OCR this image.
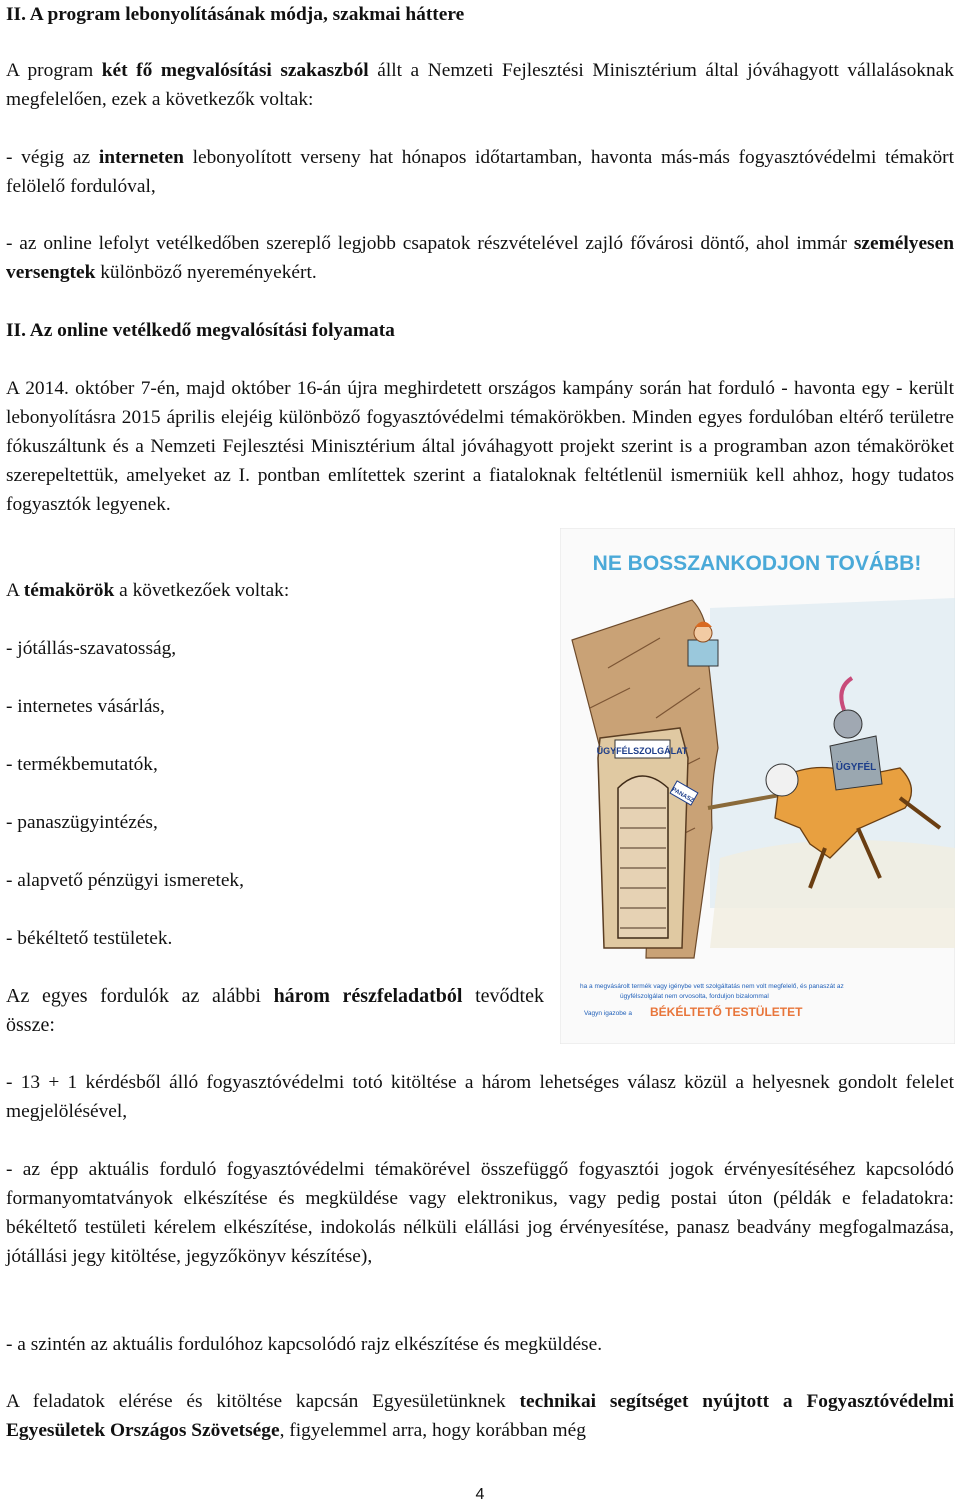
II. A program lebonyolításának módja, szakmai háttere
A program két fő megvalósítási szakaszból állt a Nemzeti Fejlesztési Minisztérium által jóváhagyott vállalásoknak megfelelően, ezek a következők voltak:
- végig az interneten lebonyolított verseny hat hónapos időtartamban, havonta más-más fogyasztóvédelmi témakört felölelő fordulóval,
- az online lefolyt vetélkedőben szereplő legjobb csapatok részvételével zajló fővárosi döntő, ahol immár személyesen versengtek különböző nyereményekért.
II. Az online vetélkedő megvalósítási folyamata
A 2014. október 7-én, majd október 16-án újra meghirdetett országos kampány során hat forduló - havonta egy - került lebonyolításra 2015 április elejéig különböző fogyasztóvédelmi témakörökben. Minden egyes fordulóban eltérő területre fókuszáltunk és a Nemzeti Fejlesztési Minisztérium által jóváhagyott projekt szerint is a programban azon témaköröket szerepeltettük, amelyeket az I. pontban említettek szerint a fiataloknak feltétlenül ismerniük kell ahhoz, hogy tudatos fogyasztók legyenek.
A témakörök a következőek voltak:
- jótállás-szavatosság,
- internetes vásárlás,
- termékbemutatók,
- panaszügyintézés,
- alapvető pénzügyi ismeretek,
- békéltető testületek.
Az egyes fordulók az alábbi három részfeladatból tevődtek össze:
- 13 + 1 kérdésből álló fogyasztóvédelmi totó kitöltése a három lehetséges válasz közül a helyesnek gondolt felelet megjelölésével,
- az épp aktuális forduló fogyasztóvédelmi témakörével összefüggő fogyasztói jogok érvényesítéséhez kapcsolódó formanyomtatványok elkészítése és megküldése vagy elektronikus, vagy pedig postai úton (példák e feladatokra: békéltető testületi kérelem elkészítése, indokolás nélküli elállási jog érvényesítése, panasz beadvány megfogalmazása, jótállási jegy kitöltése, jegyzőkönyv készítése),
- a szintén az aktuális fordulóhoz kapcsolódó rajz elkészítése és megküldése.
A feladatok elérése és kitöltése kapcsán Egyesületünknek technikai segítséget nyújtott a Fogyasztóvédelmi Egyesületek Országos Szövetsége, figyelemmel arra, hogy korábban még
NE BOSSZANKODJON TOVÁBB!
ÜGYFÉLSZOLGÁLAT
PANASZ
ÜGYFÉL
ha a megvásárolt termék vagy igénybe vett szolgáltatás nem volt megfelelő, és panaszát az
ügyfélszolgálat nem orvosolta, forduljon bizalommal
Vagyn igazobe a BÉKÉLTETŐ TESTÜLETET
4
